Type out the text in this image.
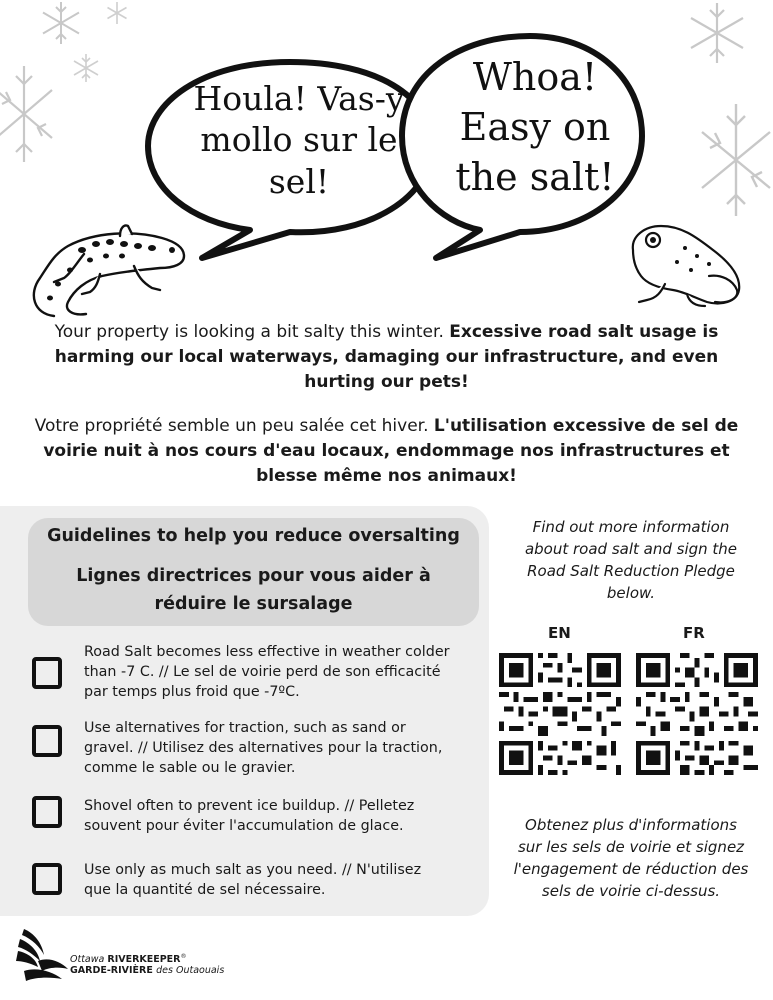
Houla! Vas-y
mollo sur le
sel!
Whoa!
Easy on
the salt!
Your property is looking a bit salty this winter. Excessive road salt usage is harming our local waterways, damaging our infrastructure, and even hurting our pets!
Votre propriété semble un peu salée cet hiver. L'utilisation excessive de sel de voirie nuit à nos cours d'eau locaux, endommage nos infrastructures et blesse même nos animaux!
Guidelines to help you reduce oversalting
Lignes directrices pour vous aider à
réduire le sursalage
Road Salt becomes less effective in weather colder
than -7 C. // Le sel de voirie perd de son efficacité
par temps plus froid que -7ºC.
Use alternatives for traction, such as sand or
gravel. // Utilisez des alternatives pour la traction,
comme le sable ou le gravier.
Shovel often to prevent ice buildup. // Pelletez
souvent pour éviter l'accumulation de glace.
Use only as much salt as you need. // N'utilisez
que la quantité de sel nécessaire.
Find out more information
about road salt and sign the
Road Salt Reduction Pledge
below.
EN	FR
Obtenez plus d'informations
sur les sels de voirie et signez
l'engagement de réduction des
sels de voirie ci-dessus.
Ottawa RIVERKEEPER®
GARDE-RIVIÈRE des Outaouais
